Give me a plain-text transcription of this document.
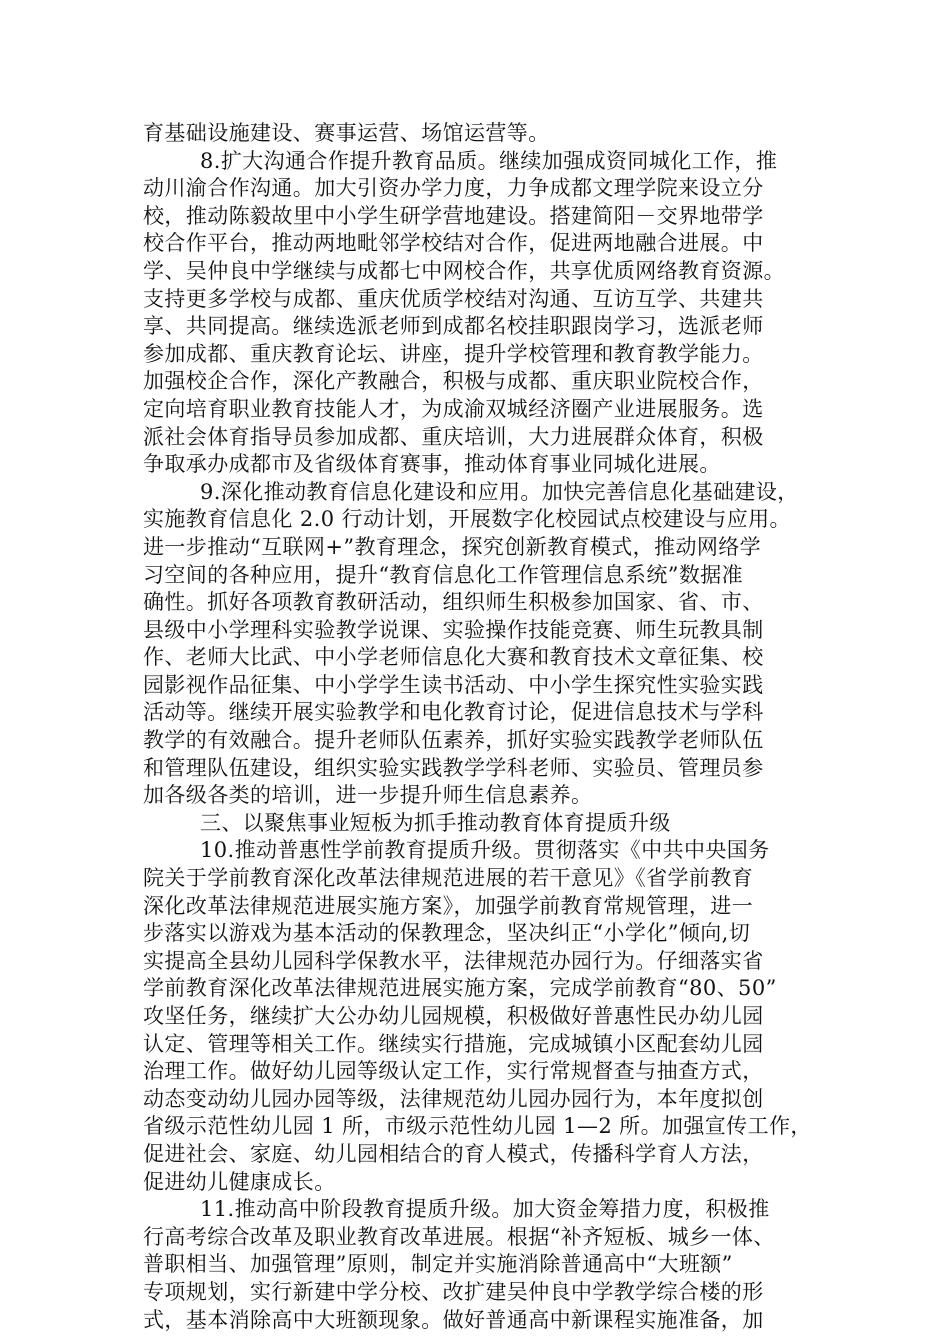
育基础设施建设、赛事运营、场馆运营等。
8.扩大沟通合作提升教育品质。继续加强成资同城化工作，推
动川渝合作沟通。加大引资办学力度，力争成都文理学院来设立分
校，推动陈毅故里中小学生研学营地建设。搭建简阳－交界地带学
校合作平台，推动两地毗邻学校结对合作，促进两地融合进展。中
学、吴仲良中学继续与成都七中网校合作，共享优质网络教育资源。
支持更多学校与成都、重庆优质学校结对沟通、互访互学、共建共
享、共同提高。继续选派老师到成都名校挂职跟岗学习，选派老师
参加成都、重庆教育论坛、讲座，提升学校管理和教育教学能力。
加强校企合作，深化产教融合，积极与成都、重庆职业院校合作，
定向培育职业教育技能人才，为成渝双城经济圈产业进展服务。选
派社会体育指导员参加成都、重庆培训，大力进展群众体育，积极
争取承办成都市及省级体育赛事，推动体育事业同城化进展。
9.深化推动教育信息化建设和应用。加快完善信息化基础建设，
实施教育信息化 2.0 行动计划，开展数字化校园试点校建设与应用。
进一步推动“互联网+”教育理念，探究创新教育模式，推动网络学
习空间的各种应用，提升“教育信息化工作管理信息系统”数据准
确性。抓好各项教育教研活动，组织师生积极参加国家、省、市、
县级中小学理科实验教学说课、实验操作技能竞赛、师生玩教具制
作、老师大比武、中小学老师信息化大赛和教育技术文章征集、校
园影视作品征集、中小学学生读书活动、中小学生探究性实验实践
活动等。继续开展实验教学和电化教育讨论，促进信息技术与学科
教学的有效融合。提升老师队伍素养，抓好实验实践教学老师队伍
和管理队伍建设，组织实验实践教学学科老师、实验员、管理员参
加各级各类的培训，进一步提升师生信息素养。
三、以聚焦事业短板为抓手推动教育体育提质升级
10.推动普惠性学前教育提质升级。贯彻落实《中共中央国务
院关于学前教育深化改革法律规范进展的若干意见》《省学前教育
深化改革法律规范进展实施方案》，加强学前教育常规管理，进一
步落实以游戏为基本活动的保教理念，坚决纠正“小学化”倾向,切
实提高全县幼儿园科学保教水平，法律规范办园行为。仔细落实省
学前教育深化改革法律规范进展实施方案，完成学前教育“80、50”
攻坚任务，继续扩大公办幼儿园规模，积极做好普惠性民办幼儿园
认定、管理等相关工作。继续实行措施，完成城镇小区配套幼儿园
治理工作。做好幼儿园等级认定工作，实行常规督查与抽查方式，
动态变动幼儿园办园等级，法律规范幼儿园办园行为，本年度拟创
省级示范性幼儿园 1 所，市级示范性幼儿园 1—2 所。加强宣传工作，
促进社会、家庭、幼儿园相结合的育人模式，传播科学育人方法，
促进幼儿健康成长。
11.推动高中阶段教育提质升级。加大资金筹措力度，积极推
行高考综合改革及职业教育改革进展。根据“补齐短板、城乡一体、
普职相当、加强管理”原则，制定并实施消除普通高中“大班额”
专项规划，实行新建中学分校、改扩建吴仲良中学教学综合楼的形
式，基本消除高中大班额现象。做好普通高中新课程实施准备，加
